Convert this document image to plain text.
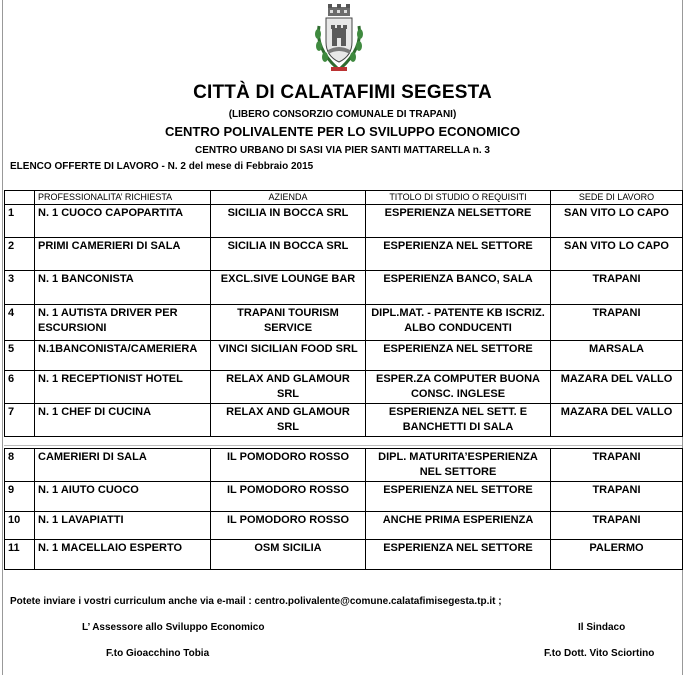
CITTÀ DI CALATAFIMI SEGESTA
(LIBERO CONSORZIO COMUNALE DI TRAPANI)
CENTRO POLIVALENTE PER LO SVILUPPO ECONOMICO
CENTRO URBANO DI SASI VIA PIER SANTI MATTARELLA n. 3
ELENCO OFFERTE DI LAVORO - N. 2 del mese di Febbraio 2015
	PROFESSIONALITA’ RICHIESTA	AZIENDA	TITOLO DI STUDIO O REQUISITI	SEDE DI LAVORO
1	N. 1 CUOCO CAPOPARTITA	SICILIA IN BOCCA SRL	ESPERIENZA NELSETTORE	SAN VITO LO CAPO
2	PRIMI CAMERIERI DI SALA	SICILIA IN BOCCA SRL	ESPERIENZA NEL SETTORE	SAN VITO LO CAPO
3	N. 1 BANCONISTA	EXCL.SIVE LOUNGE BAR	ESPERIENZA BANCO, SALA	TRAPANI
4	N. 1 AUTISTA DRIVER PER ESCURSIONI	TRAPANI TOURISM SERVICE	DIPL.MAT. - PATENTE KB ISCRIZ. ALBO CONDUCENTI	TRAPANI
5	N.1BANCONISTA/CAMERIERA	VINCI SICILIAN FOOD SRL	ESPERIENZA NEL SETTORE	MARSALA
6	N. 1 RECEPTIONIST HOTEL	RELAX AND GLAMOUR SRL	ESPER.ZA COMPUTER BUONA CONSC. INGLESE	MAZARA DEL VALLO
7	N. 1 CHEF DI CUCINA	RELAX AND GLAMOUR SRL	ESPERIENZA NEL SETT. E BANCHETTI DI SALA	MAZARA DEL VALLO
8	CAMERIERI DI SALA	IL POMODORO ROSSO	DIPL. MATURITA’ESPERIENZA NEL SETTORE	TRAPANI
9	N. 1 AIUTO CUOCO	IL POMODORO ROSSO	ESPERIENZA NEL SETTORE	TRAPANI
10	N. 1 LAVAPIATTI	IL POMODORO ROSSO	ANCHE PRIMA ESPERIENZA	TRAPANI
11	N. 1 MACELLAIO ESPERTO	OSM SICILIA	ESPERIENZA NEL SETTORE	PALERMO
Potete inviare i vostri curriculum anche via e-mail : centro.polivalente@comune.calatafimisegesta.tp.it ;
L’ Assessore allo Sviluppo Economico	Il Sindaco
F.to Gioacchino Tobia	F.to Dott. Vito Sciortino
